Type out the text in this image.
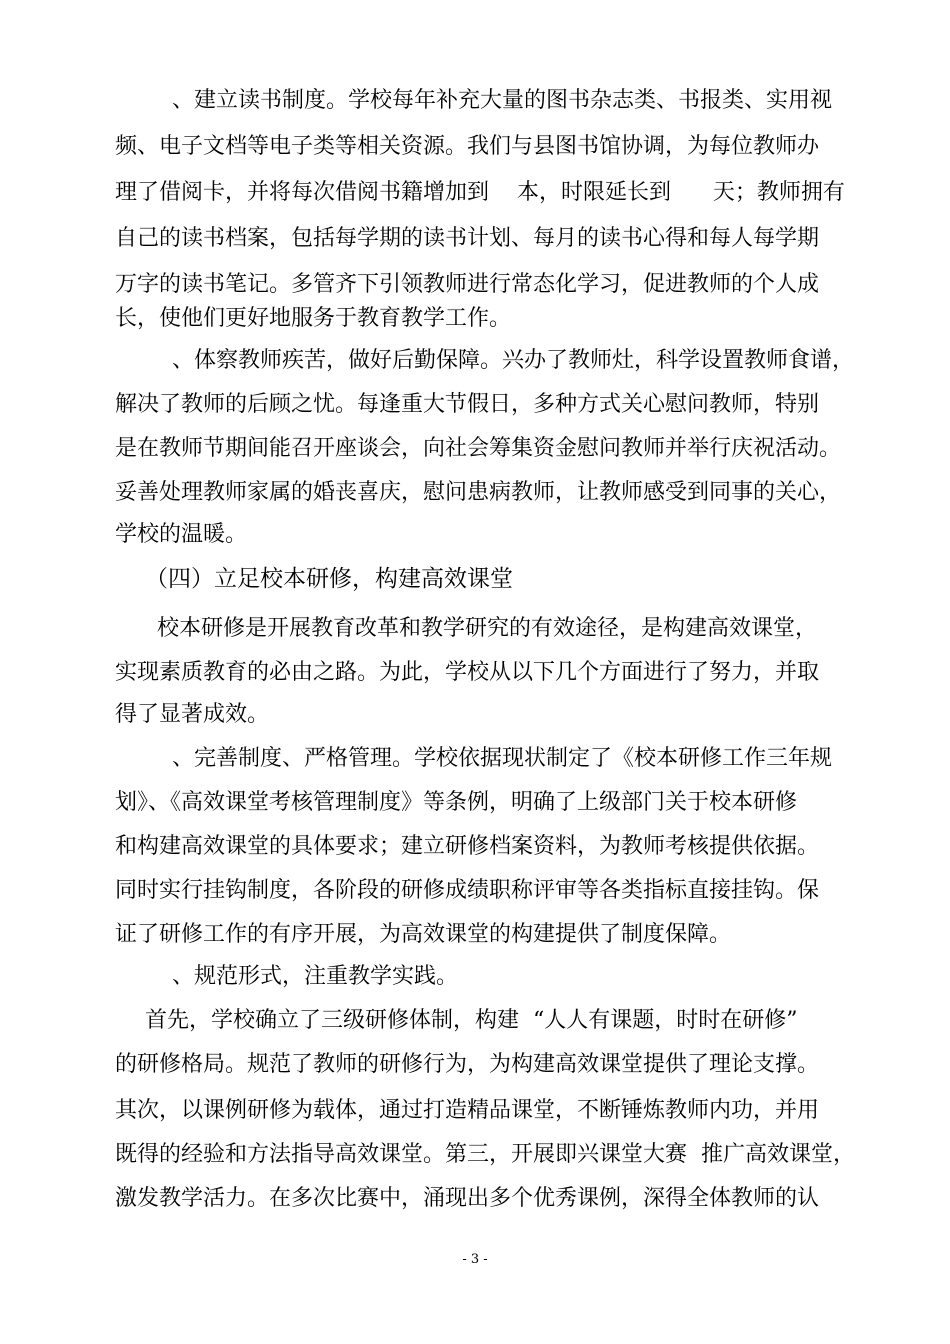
、建立读书制度。学校每年补充大量的图书杂志类、书报类、实用视
频、电子文档等电子类等相关资源。我们与县图书馆协调，为每位教师办
理了借阅卡，并将每次借阅书籍增加到    本，时限延长到      天；教师拥有
自己的读书档案，包括每学期的读书计划、每月的读书心得和每人每学期
万字的读书笔记。多管齐下引领教师进行常态化学习，促进教师的个人成
长，使他们更好地服务于教育教学工作。
、体察教师疾苦，做好后勤保障。兴办了教师灶，科学设置教师食谱，
解决了教师的后顾之忧。每逢重大节假日，多种方式关心慰问教师，特别
是在教师节期间能召开座谈会，向社会筹集资金慰问教师并举行庆祝活动。
妥善处理教师家属的婚丧喜庆，慰问患病教师，让教师感受到同事的关心，
学校的温暖。
（四）立足校本研修，构建高效课堂
校本研修是开展教育改革和教学研究的有效途径，是构建高效课堂，
实现素质教育的必由之路。为此，学校从以下几个方面进行了努力，并取
得了显著成效。
、完善制度、严格管理。学校依据现状制定了《校本研修工作三年规
划》、《高效课堂考核管理制度》等条例，明确了上级部门关于校本研修
和构建高效课堂的具体要求；建立研修档案资料，为教师考核提供依据。
同时实行挂钩制度，各阶段的研修成绩职称评审等各类指标直接挂钩。保
证了研修工作的有序开展，为高效课堂的构建提供了制度保障。
、规范形式，注重教学实践。
首先，学校确立了三级研修体制，构建  “人人有课题，时时在研修”
的研修格局。规范了教师的研修行为，为构建高效课堂提供了理论支撑。
其次，以课例研修为载体，通过打造精品课堂，不断锤炼教师内功，并用
既得的经验和方法指导高效课堂。第三，开展即兴课堂大赛  推广高效课堂，
激发教学活力。在多次比赛中，涌现出多个优秀课例，深得全体教师的认
- 3 -
